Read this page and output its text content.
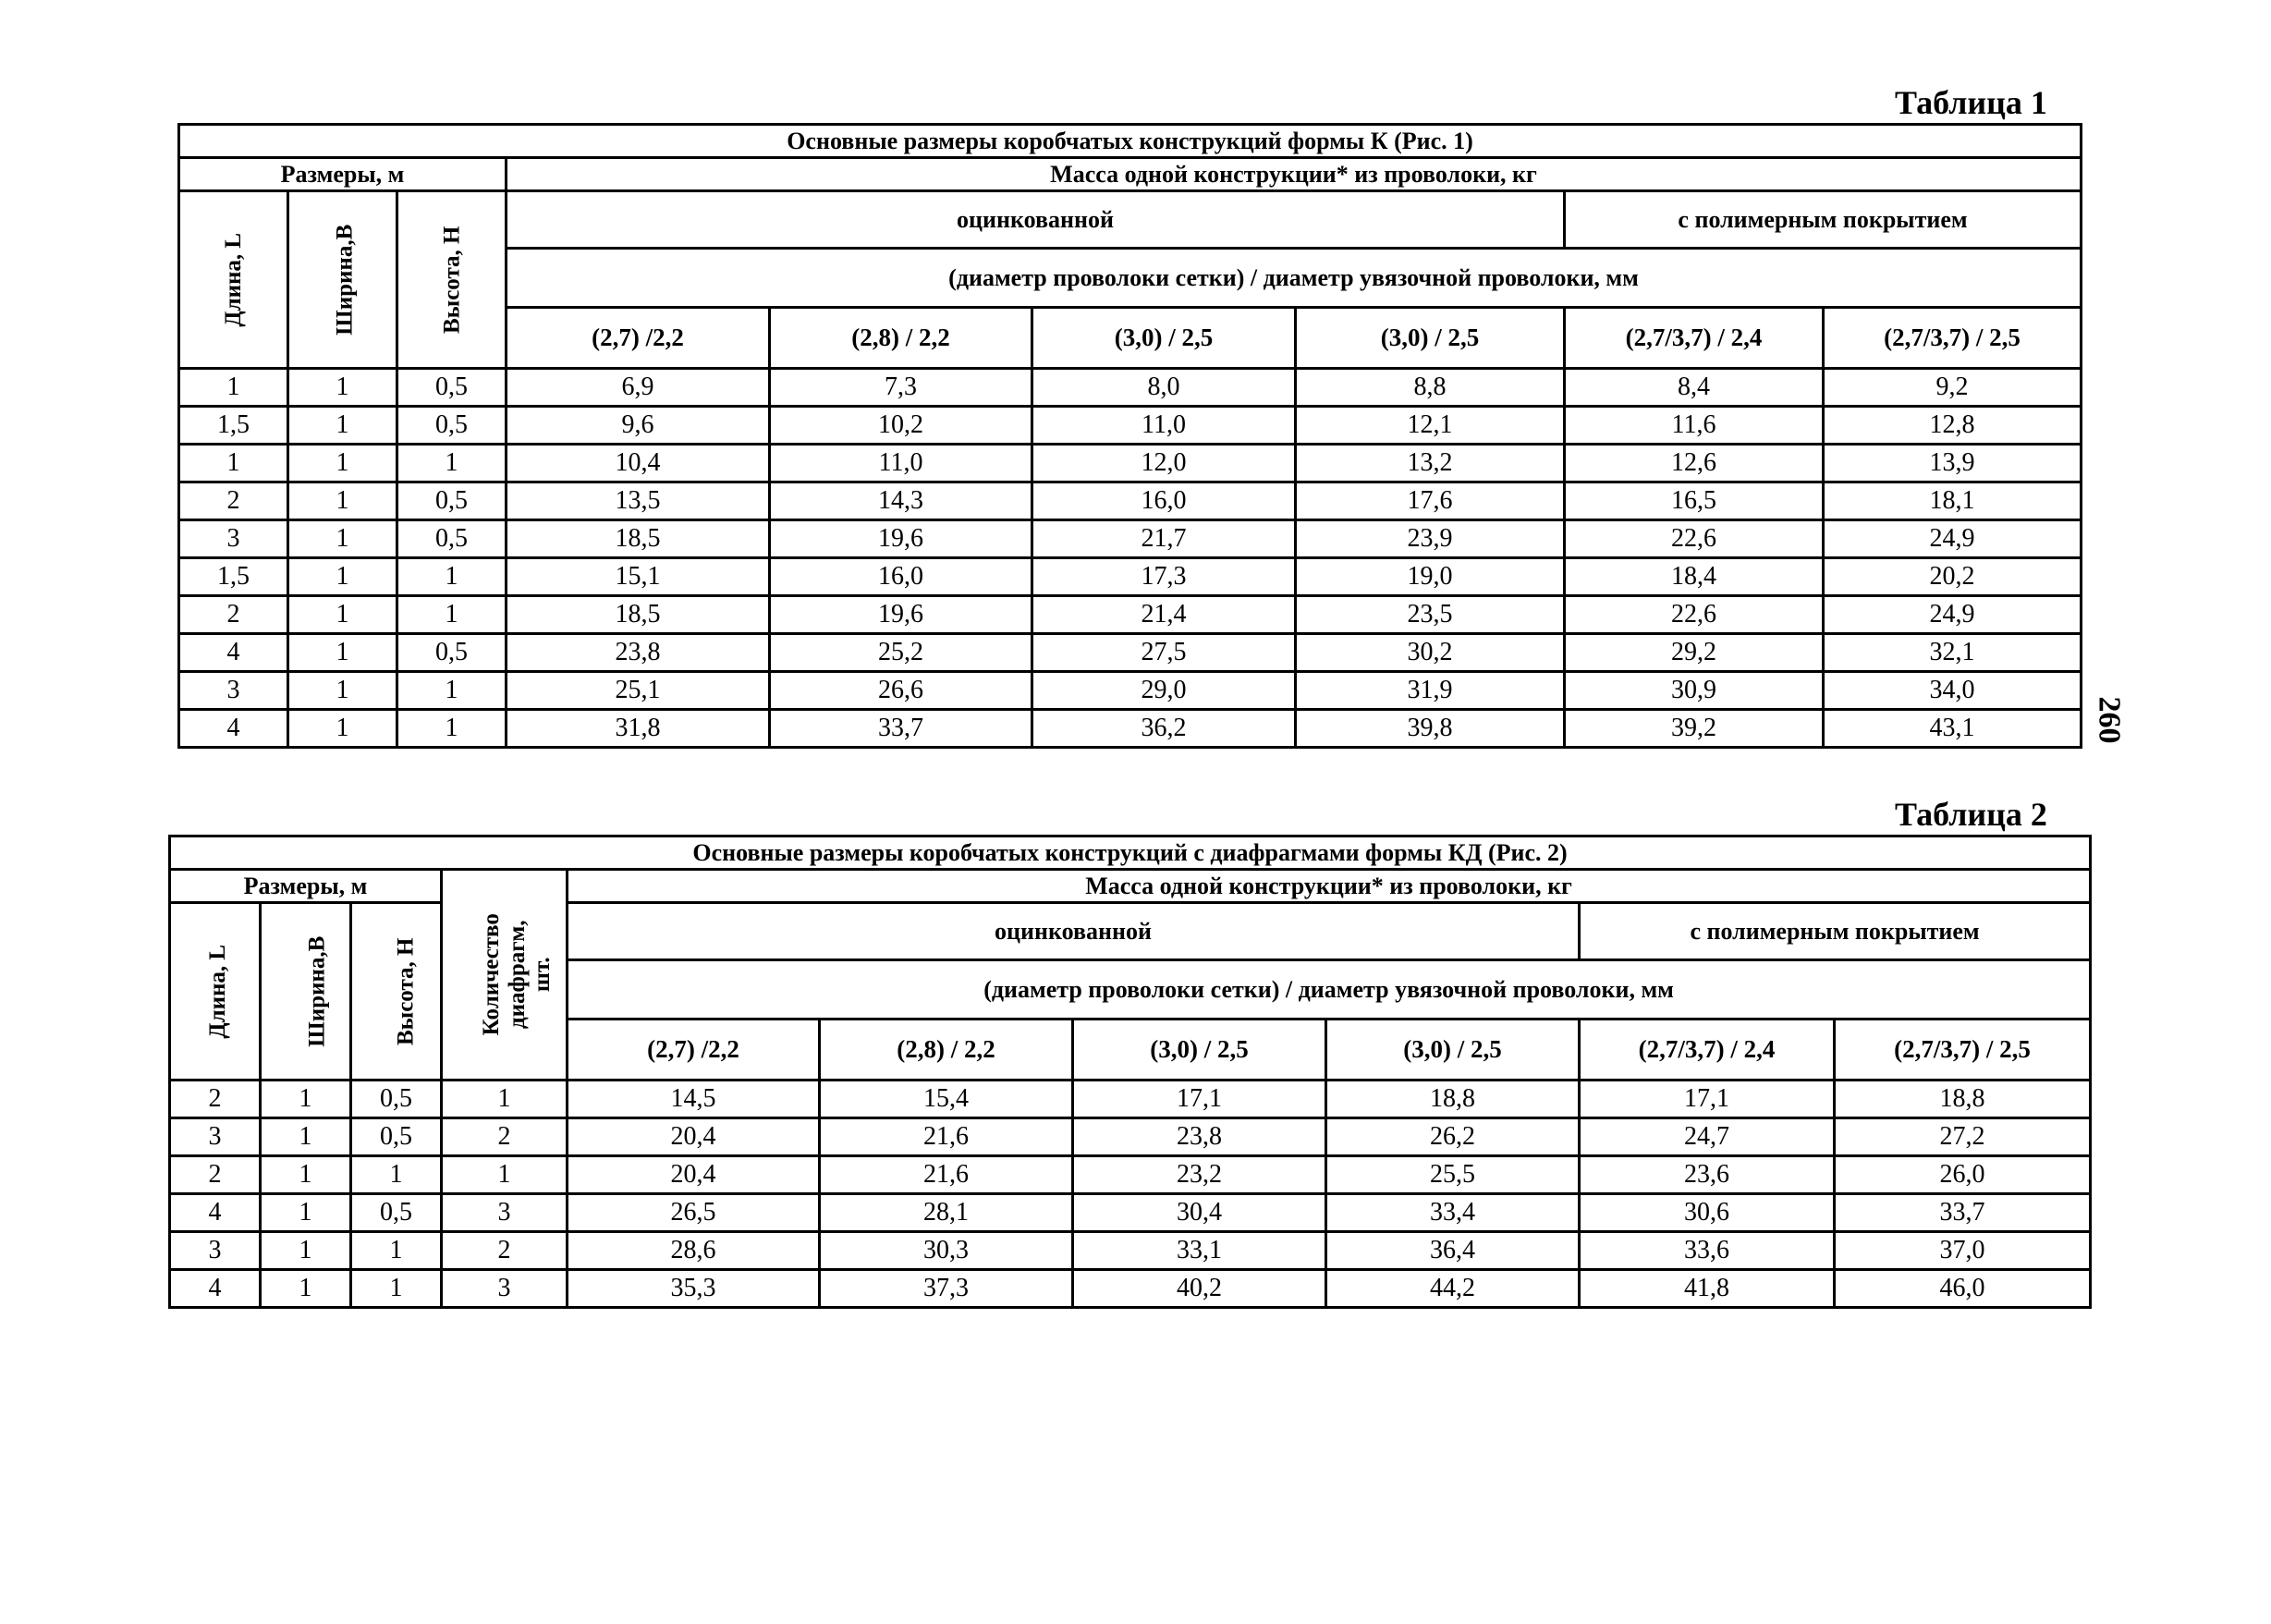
Таблица 1
260
Основные размеры коробчатых конструкций формы К (Рис. 1)								
Размеры, м			Масса одной конструкции* из проволоки, кг					
Длина, L	Ширина,В	Высота, Н	оцинкованной				с полимерным покрытием	
			(диаметр проволоки сетки) / диаметр увязочной проволоки, мм					
			(2,7) /2,2	(2,8) / 2,2	(3,0) / 2,5	(3,0) / 2,5	(2,7/3,7) / 2,4	(2,7/3,7) / 2,5
1	1	0,5	6,9	7,3	8,0	8,8	8,4	9,2
1,5	1	0,5	9,6	10,2	11,0	12,1	11,6	12,8
1	1	1	10,4	11,0	12,0	13,2	12,6	13,9
2	1	0,5	13,5	14,3	16,0	17,6	16,5	18,1
3	1	0,5	18,5	19,6	21,7	23,9	22,6	24,9
1,5	1	1	15,1	16,0	17,3	19,0	18,4	20,2
2	1	1	18,5	19,6	21,4	23,5	22,6	24,9
4	1	0,5	23,8	25,2	27,5	30,2	29,2	32,1
3	1	1	25,1	26,6	29,0	31,9	30,9	34,0
4	1	1	31,8	33,7	36,2	39,8	39,2	43,1
Таблица 2
Основные размеры коробчатых конструкций с диафрагмами формы КД (Рис. 2)									
Размеры, м			Количество диафрагм, шт.	Масса одной конструкции* из проволоки, кг					
Длина, L	Ширина,В	Высота, Н		оцинкованной				с полимерным покрытием	
				(диаметр проволоки сетки) / диаметр увязочной проволоки, мм					
				(2,7) /2,2	(2,8) / 2,2	(3,0) / 2,5	(3,0) / 2,5	(2,7/3,7) / 2,4	(2,7/3,7) / 2,5
2	1	0,5	1	14,5	15,4	17,1	18,8	17,1	18,8
3	1	0,5	2	20,4	21,6	23,8	26,2	24,7	27,2
2	1	1	1	20,4	21,6	23,2	25,5	23,6	26,0
4	1	0,5	3	26,5	28,1	30,4	33,4	30,6	33,7
3	1	1	2	28,6	30,3	33,1	36,4	33,6	37,0
4	1	1	3	35,3	37,3	40,2	44,2	41,8	46,0
